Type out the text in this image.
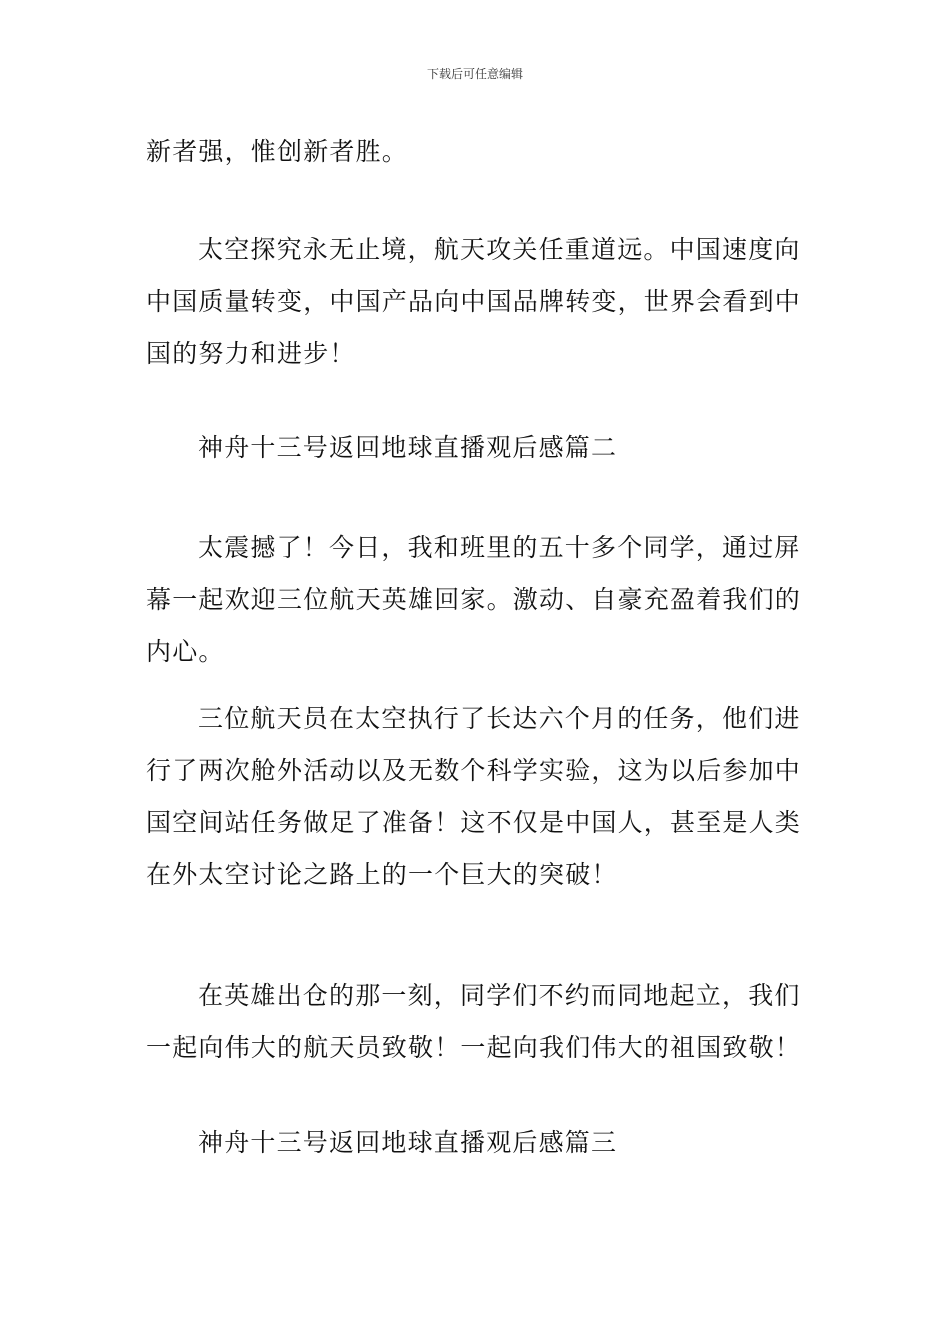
下载后可任意编辑

新者强，惟创新者胜。

太空探究永无止境，航天攻关任重道远。中国速度向中国质量转变，中国产品向中国品牌转变，世界会看到中国的努力和进步！

神舟十三号返回地球直播观后感篇二

太震撼了！今日，我和班里的五十多个同学，通过屏幕一起欢迎三位航天英雄回家。激动、自豪充盈着我们的内心。

三位航天员在太空执行了长达六个月的任务，他们进行了两次舱外活动以及无数个科学实验，这为以后参加中国空间站任务做足了准备！这不仅是中国人，甚至是人类在外太空讨论之路上的一个巨大的突破！

在英雄出仓的那一刻，同学们不约而同地起立，我们一起向伟大的航天员致敬！一起向我们伟大的祖国致敬！

神舟十三号返回地球直播观后感篇三
